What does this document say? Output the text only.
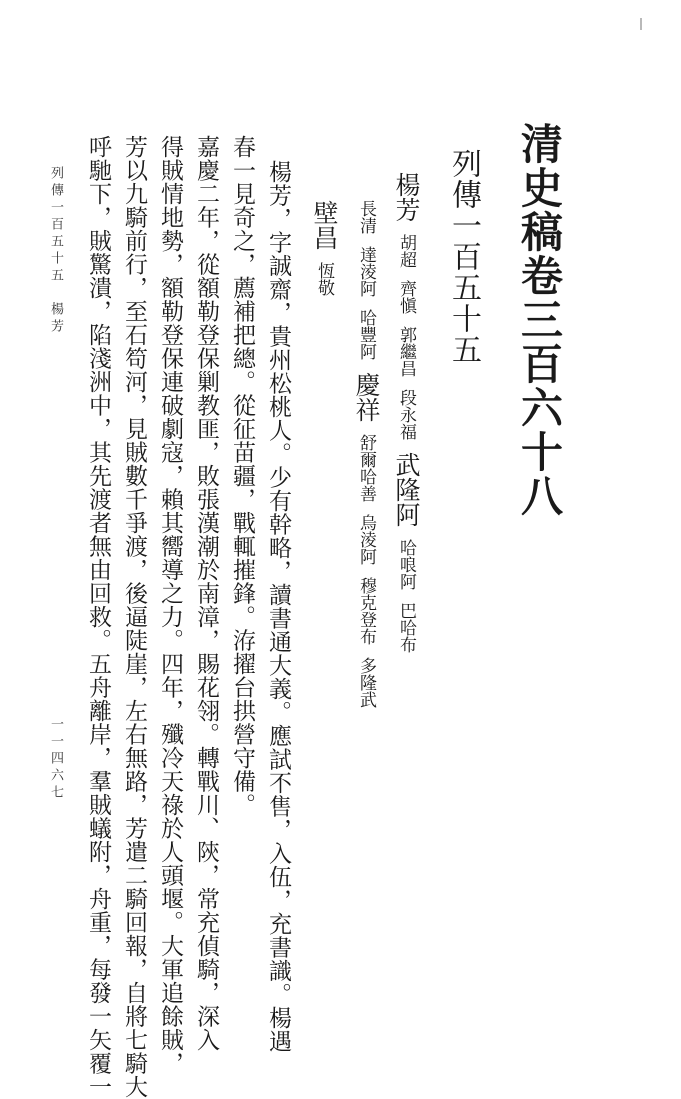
清史稿卷三百六十八

列傳一百五十五

楊芳胡超齊愼郭繼昌段永福武隆阿哈哴阿巴哈布
長清達淩阿哈豐阿慶祥舒爾哈善烏淩阿穆克登布多隆武
壁昌恆敬

楊芳，字誠齋，貴州松桃人。少有幹略，讀書通大義。應試不售，入伍，充書識。楊遇

春一見奇之，薦補把總。從征苗疆，戰輒摧鋒。洊擢台拱營守備。

嘉慶二年，從額勒登保剿教匪，敗張漢潮於南漳，賜花翎。轉戰川、陝，常充偵騎，深入

得賊情地勢，額勒登保連破劇寇，賴其嚮導之力。四年，殲冷天祿於人頭堰。大軍追餘賊，

芳以九騎前行，至石笱河，見賊數千爭渡，後逼陡崖，左右無路，芳遣二騎回報，自將七騎大

呼馳下，賊驚潰，陷淺洲中，其先渡者無由回救。五舟離岸，羣賊蟻附，舟重，每發一矢覆一

列傳一百五十五　楊芳

一一四六七
